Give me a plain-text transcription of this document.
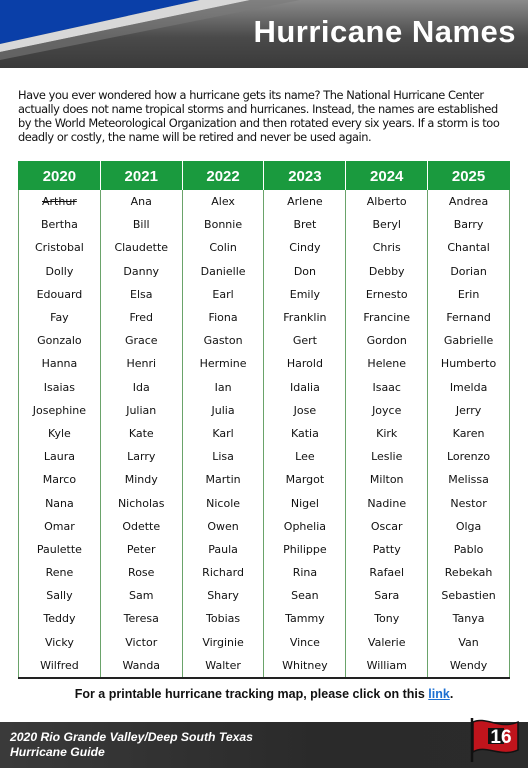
Hurricane Names

Have you ever wondered how a hurricane gets its name? The National Hurricane Center actually does not name tropical storms and hurricanes. Instead, the names are established by the World Meteorological Organization and then rotated every six years. If a storm is too deadly or costly, the name will be retired and never be used again.

2020	2021	2022	2023	2024	2025
Arthur	Ana	Alex	Arlene	Alberto	Andrea
Bertha	Bill	Bonnie	Bret	Beryl	Barry
Cristobal	Claudette	Colin	Cindy	Chris	Chantal
Dolly	Danny	Danielle	Don	Debby	Dorian
Edouard	Elsa	Earl	Emily	Ernesto	Erin
Fay	Fred	Fiona	Franklin	Francine	Fernand
Gonzalo	Grace	Gaston	Gert	Gordon	Gabrielle
Hanna	Henri	Hermine	Harold	Helene	Humberto
Isaias	Ida	Ian	Idalia	Isaac	Imelda
Josephine	Julian	Julia	Jose	Joyce	Jerry
Kyle	Kate	Karl	Katia	Kirk	Karen
Laura	Larry	Lisa	Lee	Leslie	Lorenzo
Marco	Mindy	Martin	Margot	Milton	Melissa
Nana	Nicholas	Nicole	Nigel	Nadine	Nestor
Omar	Odette	Owen	Ophelia	Oscar	Olga
Paulette	Peter	Paula	Philippe	Patty	Pablo
Rene	Rose	Richard	Rina	Rafael	Rebekah
Sally	Sam	Shary	Sean	Sara	Sebastien
Teddy	Teresa	Tobias	Tammy	Tony	Tanya
Vicky	Victor	Virginie	Vince	Valerie	Van
Wilfred	Wanda	Walter	Whitney	William	Wendy
For a printable hurricane tracking map, please click on this link.
2020 Rio Grande Valley/Deep South Texas
Hurricane Guide
16
